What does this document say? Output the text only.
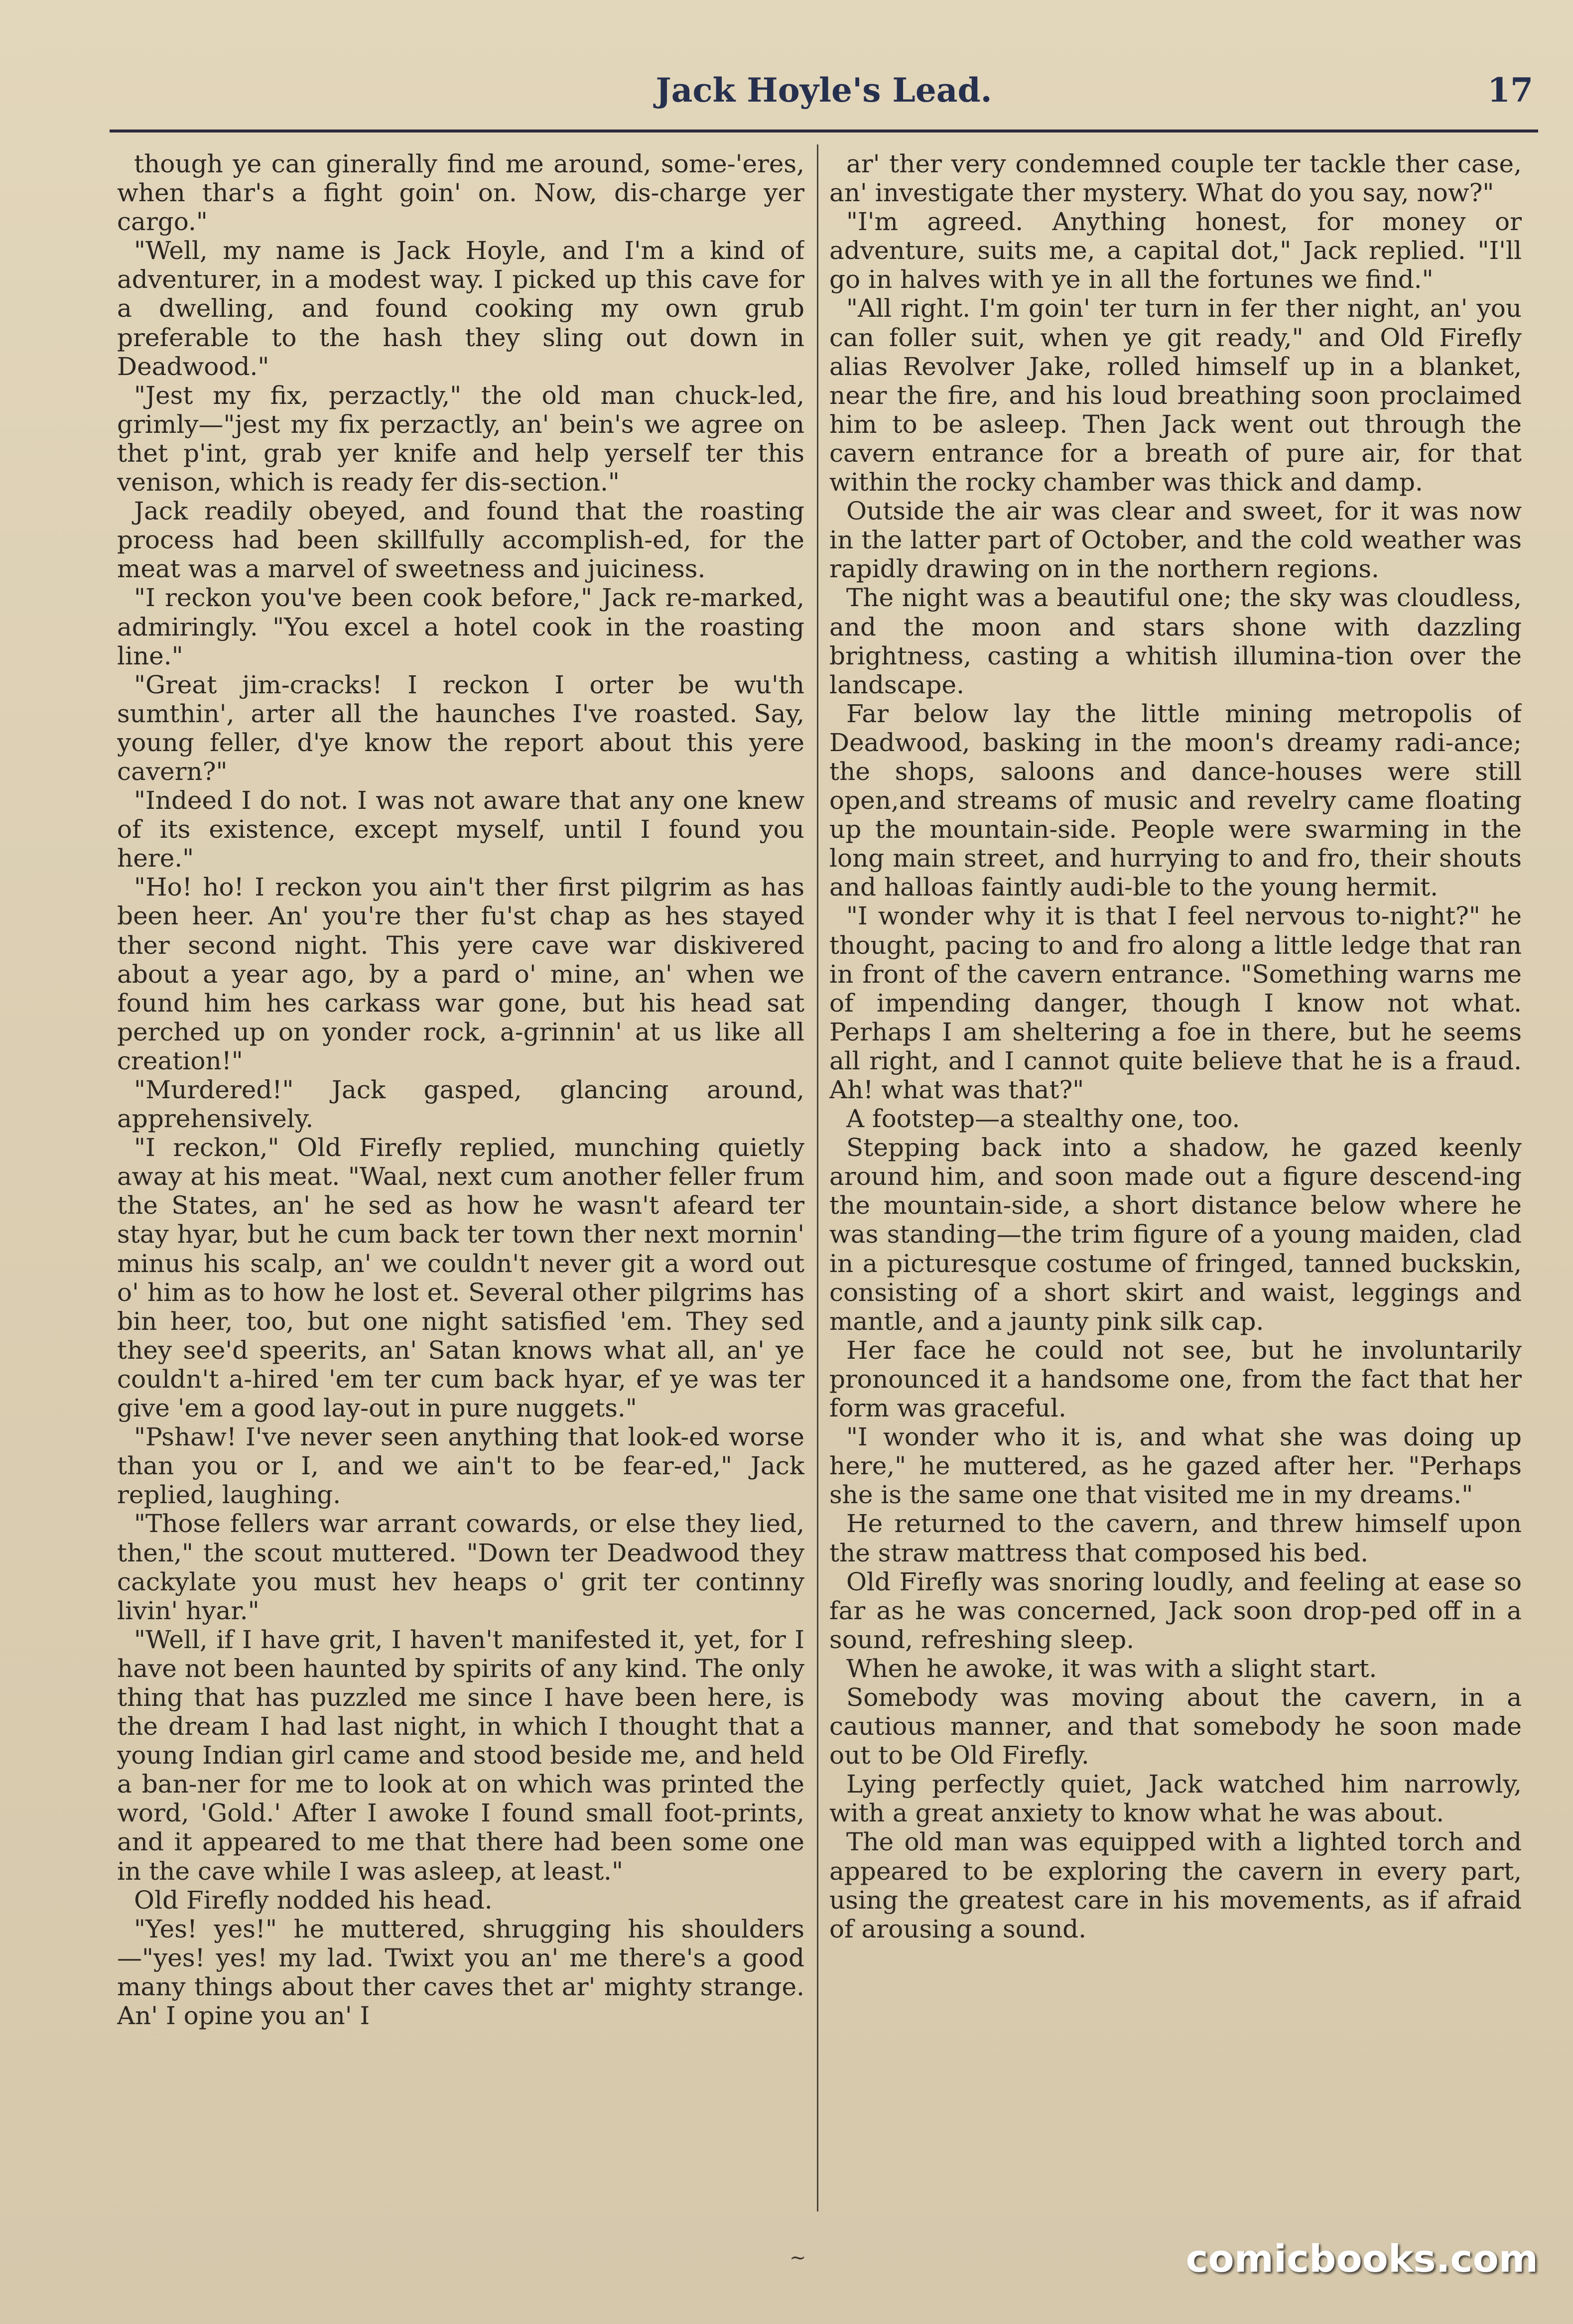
Jack Hoyle's Lead.	17

though ye can ginerally find me around, some-'eres, when thar's a fight goin' on. Now, dis-charge yer cargo."

"Well, my name is Jack Hoyle, and I'm a kind of adventurer, in a modest way. I picked up this cave for a dwelling, and found cooking my own grub preferable to the hash they sling out down in Deadwood."

"Jest my fix, perzactly," the old man chuck-led, grimly—"jest my fix perzactly, an' bein's we agree on thet p'int, grab yer knife and help yerself ter this venison, which is ready fer dis-section."

Jack readily obeyed, and found that the roasting process had been skillfully accomplish-ed, for the meat was a marvel of sweetness and juiciness.

"I reckon you've been cook before," Jack re-marked, admiringly. "You excel a hotel cook in the roasting line."

"Great jim-cracks! I reckon I orter be wu'th sumthin', arter all the haunches I've roasted. Say, young feller, d'ye know the report about this yere cavern?"

"Indeed I do not. I was not aware that any one knew of its existence, except myself, until I found you here."

"Ho! ho! I reckon you ain't ther first pilgrim as has been heer. An' you're ther fu'st chap as hes stayed ther second night. This yere cave war diskivered about a year ago, by a pard o' mine, an' when we found him hes carkass war gone, but his head sat perched up on yonder rock, a-grinnin' at us like all creation!"

"Murdered!" Jack gasped, glancing around, apprehensively.

"I reckon," Old Firefly replied, munching quietly away at his meat. "Waal, next cum another feller frum the States, an' he sed as how he wasn't afeard ter stay hyar, but he cum back ter town ther next mornin' minus his scalp, an' we couldn't never git a word out o' him as to how he lost et. Several other pilgrims has bin heer, too, but one night satisfied 'em. They sed they see'd speerits, an' Satan knows what all, an' ye couldn't a-hired 'em ter cum back hyar, ef ye was ter give 'em a good lay-out in pure nuggets."

"Pshaw! I've never seen anything that look-ed worse than you or I, and we ain't to be fear-ed," Jack replied, laughing.

"Those fellers war arrant cowards, or else they lied, then," the scout muttered. "Down ter Deadwood they cackylate you must hev heaps o' grit ter continny livin' hyar."

"Well, if I have grit, I haven't manifested it, yet, for I have not been haunted by spirits of any kind. The only thing that has puzzled me since I have been here, is the dream I had last night, in which I thought that a young Indian girl came and stood beside me, and held a ban-ner for me to look at on which was printed the word, 'Gold.' After I awoke I found small foot-prints, and it appeared to me that there had been some one in the cave while I was asleep, at least."

Old Firefly nodded his head.

"Yes! yes!" he muttered, shrugging his shoulders—"yes! yes! my lad. Twixt you an' me there's a good many things about ther caves thet ar' mighty strange. An' I opine you an' I

ar' ther very condemned couple ter tackle ther case, an' investigate ther mystery. What do you say, now?"

"I'm agreed. Anything honest, for money or adventure, suits me, a capital dot," Jack replied. "I'll go in halves with ye in all the fortunes we find."

"All right. I'm goin' ter turn in fer ther night, an' you can foller suit, when ye git ready," and Old Firefly alias Revolver Jake, rolled himself up in a blanket, near the fire, and his loud breathing soon proclaimed him to be asleep. Then Jack went out through the cavern entrance for a breath of pure air, for that within the rocky chamber was thick and damp.

Outside the air was clear and sweet, for it was now in the latter part of October, and the cold weather was rapidly drawing on in the northern regions.

The night was a beautiful one; the sky was cloudless, and the moon and stars shone with dazzling brightness, casting a whitish illumina-tion over the landscape.

Far below lay the little mining metropolis of Deadwood, basking in the moon's dreamy radi-ance; the shops, saloons and dance-houses were still open,and streams of music and revelry came floating up the mountain-side. People were swarming in the long main street, and hurrying to and fro, their shouts and halloas faintly audi-ble to the young hermit.

"I wonder why it is that I feel nervous to-night?" he thought, pacing to and fro along a little ledge that ran in front of the cavern entrance. "Something warns me of impending danger, though I know not what. Perhaps I am sheltering a foe in there, but he seems all right, and I cannot quite believe that he is a fraud. Ah! what was that?"

A footstep—a stealthy one, too.

Stepping back into a shadow, he gazed keenly around him, and soon made out a figure descend-ing the mountain-side, a short distance below where he was standing—the trim figure of a young maiden, clad in a picturesque costume of fringed, tanned buckskin, consisting of a short skirt and waist, leggings and mantle, and a jaunty pink silk cap.

Her face he could not see, but he involuntarily pronounced it a handsome one, from the fact that her form was graceful.

"I wonder who it is, and what she was doing up here," he muttered, as he gazed after her. "Perhaps she is the same one that visited me in my dreams."

He returned to the cavern, and threw himself upon the straw mattress that composed his bed.

Old Firefly was snoring loudly, and feeling at ease so far as he was concerned, Jack soon drop-ped off in a sound, refreshing sleep.

When he awoke, it was with a slight start.

Somebody was moving about the cavern, in a cautious manner, and that somebody he soon made out to be Old Firefly.

Lying perfectly quiet, Jack watched him narrowly, with a great anxiety to know what he was about.

The old man was equipped with a lighted torch and appeared to be exploring the cavern in every part, using the greatest care in his movements, as if afraid of arousing a sound.

~	comicbooks.com
